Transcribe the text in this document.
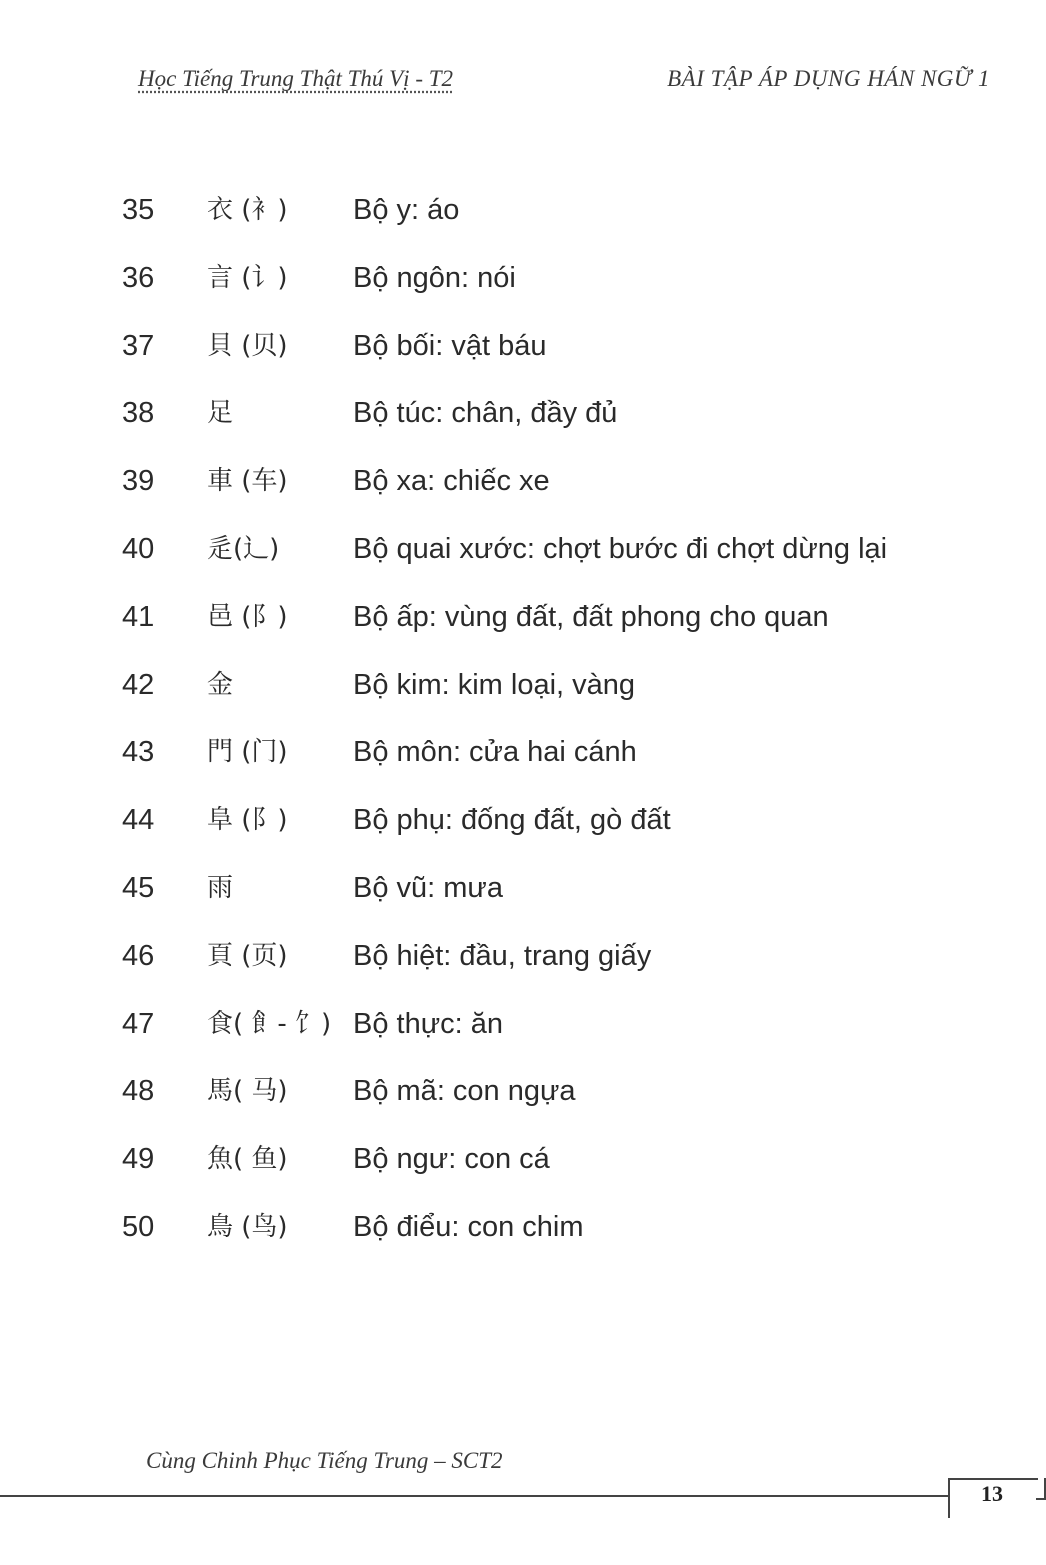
Học Tiếng Trung Thật Thú Vị - T2	BÀI TẬP ÁP DỤNG HÁN NGỮ 1
35 衣 (衤) Bộ y: áo
36 言 (讠) Bộ ngôn: nói
37 貝 (贝) Bộ bối: vật báu
38 足	Bộ túc: chân, đầy đủ
39 車 (车) Bộ xa: chiếc xe
40 辵(辶)	Bộ quai xước: chợt bước đi chợt dừng lại
41 邑 (阝) Bộ ấp: vùng đất, đất phong cho quan
42 金	Bộ kim: kim loại, vàng
43 門 (门) Bộ môn: cửa hai cánh
44 阜 (阝) Bộ phụ: đống đất, gò đất
45 雨	Bộ vũ: mưa
46 頁 (页) Bộ hiệt: đầu, trang giấy
47 食( 飠- 饣) Bộ thực: ăn
48 馬( 马) Bộ mã: con ngựa
49 魚( 鱼) Bộ ngư: con cá
50 鳥 (鸟) Bộ điểu: con chim
Cùng Chinh Phục Tiếng Trung – SCT2
13
